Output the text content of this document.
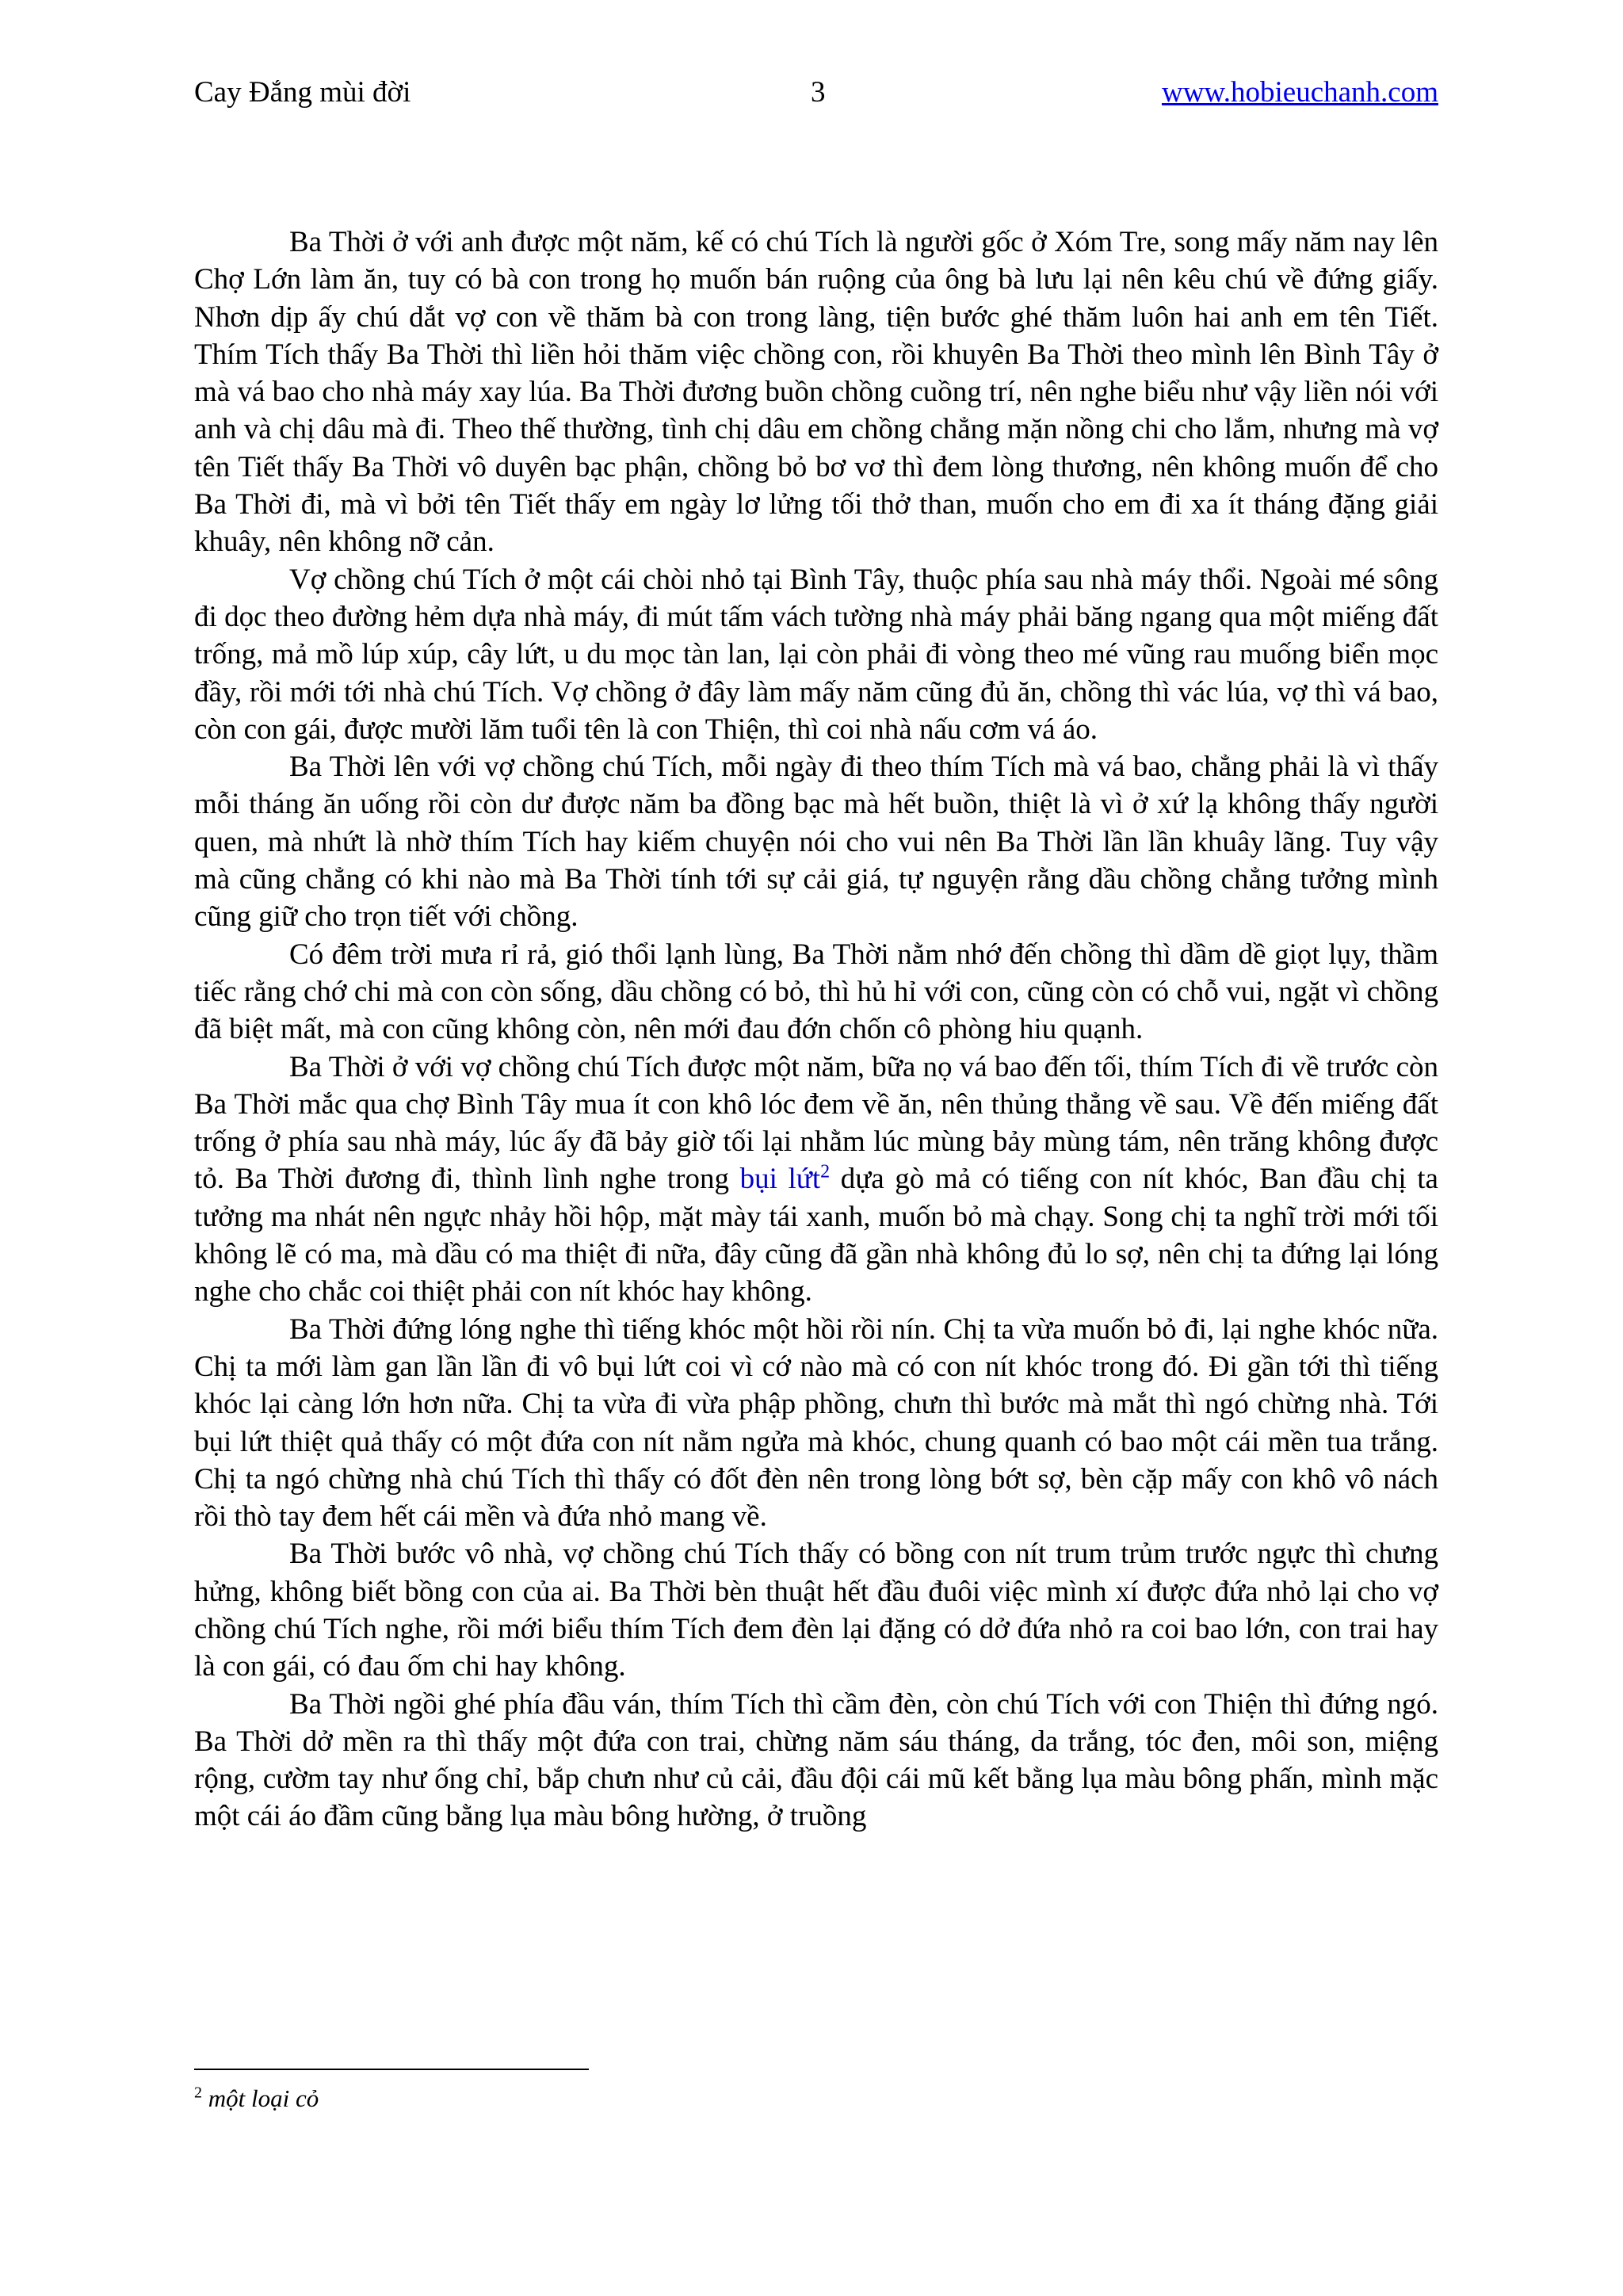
Cay Đắng mùi đời	3	www.hobieuchanh.com

Ba Thời ở với anh được một năm, kế có chú Tích là người gốc ở Xóm Tre, song mấy năm nay lên Chợ Lớn làm ăn, tuy có bà con trong họ muốn bán ruộng của ông bà lưu lại nên kêu chú về đứng giấy. Nhơn dịp ấy chú dắt vợ con về thăm bà con trong làng, tiện bước ghé thăm luôn hai anh em tên Tiết. Thím Tích thấy Ba Thời thì liền hỏi thăm việc chồng con, rồi khuyên Ba Thời theo mình lên Bình Tây ở mà vá bao cho nhà máy xay lúa. Ba Thời đương buồn chồng cuồng trí, nên nghe biểu như vậy liền nói với anh và chị dâu mà đi. Theo thế thường, tình chị dâu em chồng chẳng mặn nồng chi cho lắm, nhưng mà vợ tên Tiết thấy Ba Thời vô duyên bạc phận, chồng bỏ bơ vơ thì đem lòng thương, nên không muốn để cho Ba Thời đi, mà vì bởi tên Tiết thấy em ngày lơ lửng tối thở than, muốn cho em đi xa ít tháng đặng giải khuây, nên không nỡ cản.

Vợ chồng chú Tích ở một cái chòi nhỏ tại Bình Tây, thuộc phía sau nhà máy thổi. Ngoài mé sông đi dọc theo đường hẻm dựa nhà máy, đi mút tấm vách tường nhà máy phải băng ngang qua một miếng đất trống, mả mồ lúp xúp, cây lứt, u du mọc tàn lan, lại còn phải đi vòng theo mé vũng rau muống biển mọc đầy, rồi mới tới nhà chú Tích. Vợ chồng ở đây làm mấy năm cũng đủ ăn, chồng thì vác lúa, vợ thì vá bao, còn con gái, được mười lăm tuổi tên là con Thiện, thì coi nhà nấu cơm vá áo.

Ba Thời lên với vợ chồng chú Tích, mỗi ngày đi theo thím Tích mà vá bao, chẳng phải là vì thấy mỗi tháng ăn uống rồi còn dư được năm ba đồng bạc mà hết buồn, thiệt là vì ở xứ lạ không thấy người quen, mà nhứt là nhờ thím Tích hay kiếm chuyện nói cho vui nên Ba Thời lần lần khuây lãng. Tuy vậy mà cũng chẳng có khi nào mà Ba Thời tính tới sự cải giá, tự nguyện rằng dầu chồng chẳng tưởng mình cũng giữ cho trọn tiết với chồng.

Có đêm trời mưa rỉ rả, gió thổi lạnh lùng, Ba Thời nằm nhớ đến chồng thì dầm dề giọt lụy, thầm tiếc rằng chớ chi mà con còn sống, dầu chồng có bỏ, thì hủ hỉ với con, cũng còn có chỗ vui, ngặt vì chồng đã biệt mất, mà con cũng không còn, nên mới đau đớn chốn cô phòng hiu quạnh.

Ba Thời ở với vợ chồng chú Tích được một năm, bữa nọ vá bao đến tối, thím Tích đi về trước còn Ba Thời mắc qua chợ Bình Tây mua ít con khô lóc đem về ăn, nên thủng thẳng về sau. Về đến miếng đất trống ở phía sau nhà máy, lúc ấy đã bảy giờ tối lại nhằm lúc mùng bảy mùng tám, nên trăng không được tỏ. Ba Thời đương đi, thình lình nghe trong bụi lứt$^2$ dựa gò mả có tiếng con nít khóc, Ban đầu chị ta tưởng ma nhát nên ngực nhảy hồi hộp, mặt mày tái xanh, muốn bỏ mà chạy. Song chị ta nghĩ trời mới tối không lẽ có ma, mà dầu có ma thiệt đi nữa, đây cũng đã gần nhà không đủ lo sợ, nên chị ta đứng lại lóng nghe cho chắc coi thiệt phải con nít khóc hay không.

Ba Thời đứng lóng nghe thì tiếng khóc một hồi rồi nín. Chị ta vừa muốn bỏ đi, lại nghe khóc nữa. Chị ta mới làm gan lần lần đi vô bụi lứt coi vì cớ nào mà có con nít khóc trong đó. Đi gần tới thì tiếng khóc lại càng lớn hơn nữa. Chị ta vừa đi vừa phập phồng, chưn thì bước mà mắt thì ngó chừng nhà. Tới bụi lứt thiệt quả thấy có một đứa con nít nằm ngửa mà khóc, chung quanh có bao một cái mền tua trắng. Chị ta ngó chừng nhà chú Tích thì thấy có đốt đèn nên trong lòng bớt sợ, bèn cặp mấy con khô vô nách rồi thò tay đem hết cái mền và đứa nhỏ mang về.

Ba Thời bước vô nhà, vợ chồng chú Tích thấy có bồng con nít trum trủm trước ngực thì chưng hửng, không biết bồng con của ai. Ba Thời bèn thuật hết đầu đuôi việc mình xí được đứa nhỏ lại cho vợ chồng chú Tích nghe, rồi mới biểu thím Tích đem đèn lại đặng có dở đứa nhỏ ra coi bao lớn, con trai hay là con gái, có đau ốm chi hay không.

Ba Thời ngồi ghé phía đầu ván, thím Tích thì cầm đèn, còn chú Tích với con Thiện thì đứng ngó. Ba Thời dở mền ra thì thấy một đứa con trai, chừng năm sáu tháng, da trắng, tóc đen, môi son, miệng rộng, cườm tay như ống chỉ, bắp chưn như củ cải, đầu đội cái mũ kết bằng lụa màu bông phấn, mình mặc một cái áo đầm cũng bằng lụa màu bông hường, ở truồng

$^2$ một loại cỏ
